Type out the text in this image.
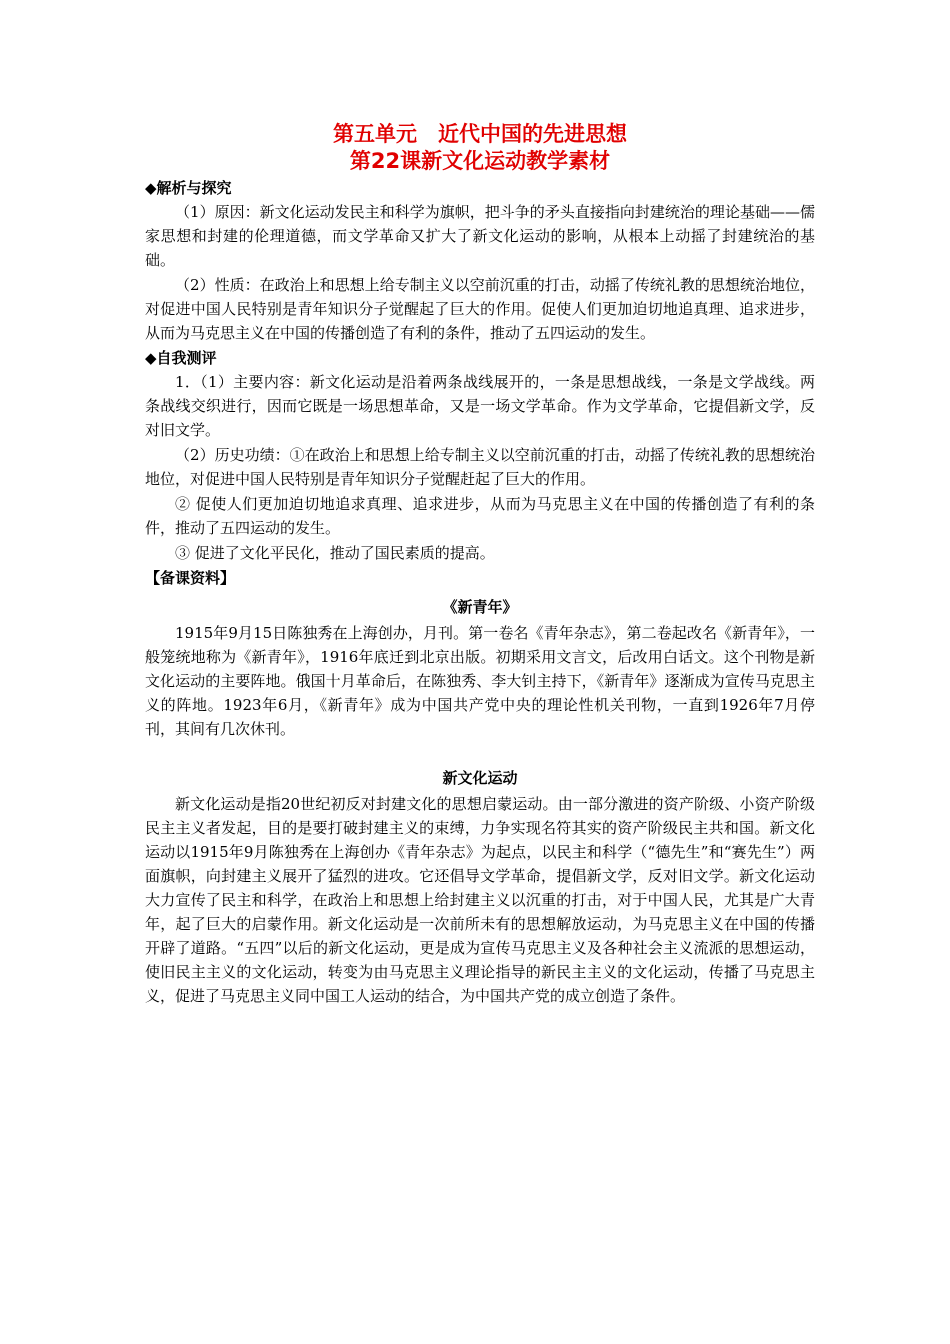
第五单元　近代中国的先进思想
第22课新文化运动教学素材
◆解析与探究

（1）原因：新文化运动发民主和科学为旗帜，把斗争的矛头直接指向封建统治的理论基础——儒家思想和封建的伦理道德，而文学革命又扩大了新文化运动的影响，从根本上动摇了封建统治的基础。

（2）性质：在政治上和思想上给专制主义以空前沉重的打击，动摇了传统礼教的思想统治地位，对促进中国人民特别是青年知识分子觉醒起了巨大的作用。促使人们更加迫切地追真理、追求进步，从而为马克思主义在中国的传播创造了有利的条件，推动了五四运动的发生。

◆自我测评

1．（1）主要内容：新文化运动是沿着两条战线展开的，一条是思想战线，一条是文学战线。两条战线交织进行，因而它既是一场思想革命，又是一场文学革命。作为文学革命，它提倡新文学，反对旧文学。

（2）历史功绩：①在政治上和思想上给专制主义以空前沉重的打击，动摇了传统礼教的思想统治地位，对促进中国人民特别是青年知识分子觉醒赶起了巨大的作用。

② 促使人们更加迫切地追求真理、追求进步，从而为马克思主义在中国的传播创造了有利的条件，推动了五四运动的发生。

③ 促进了文化平民化，推动了国民素质的提高。

【备课资料】
《新青年》

1915年9月15日陈独秀在上海创办，月刊。第一卷名《青年杂志》，第二卷起改名《新青年》，一般笼统地称为《新青年》，1916年底迁到北京出版。初期采用文言文，后改用白话文。这个刊物是新文化运动的主要阵地。俄国十月革命后，在陈独秀、李大钊主持下，《新青年》逐渐成为宣传马克思主义的阵地。1923年6月，《新青年》成为中国共产党中央的理论性机关刊物，一直到1926年7月停刊，其间有几次休刊。

新文化运动

新文化运动是指20世纪初反对封建文化的思想启蒙运动。由一部分激进的资产阶级、小资产阶级民主主义者发起，目的是要打破封建主义的束缚，力争实现名符其实的资产阶级民主共和国。新文化运动以1915年9月陈独秀在上海创办《青年杂志》为起点，以民主和科学（“德先生”和“赛先生”）两面旗帜，向封建主义展开了猛烈的进攻。它还倡导文学革命，提倡新文学，反对旧文学。新文化运动大力宣传了民主和科学，在政治上和思想上给封建主义以沉重的打击，对于中国人民，尤其是广大青年，起了巨大的启蒙作用。新文化运动是一次前所未有的思想解放运动，为马克思主义在中国的传播开辟了道路。“五四”以后的新文化运动，更是成为宣传马克思主义及各种社会主义流派的思想运动，使旧民主主义的文化运动，转变为由马克思主义理论指导的新民主主义的文化运动，传播了马克思主义，促进了马克思主义同中国工人运动的结合，为中国共产党的成立创造了条件。
